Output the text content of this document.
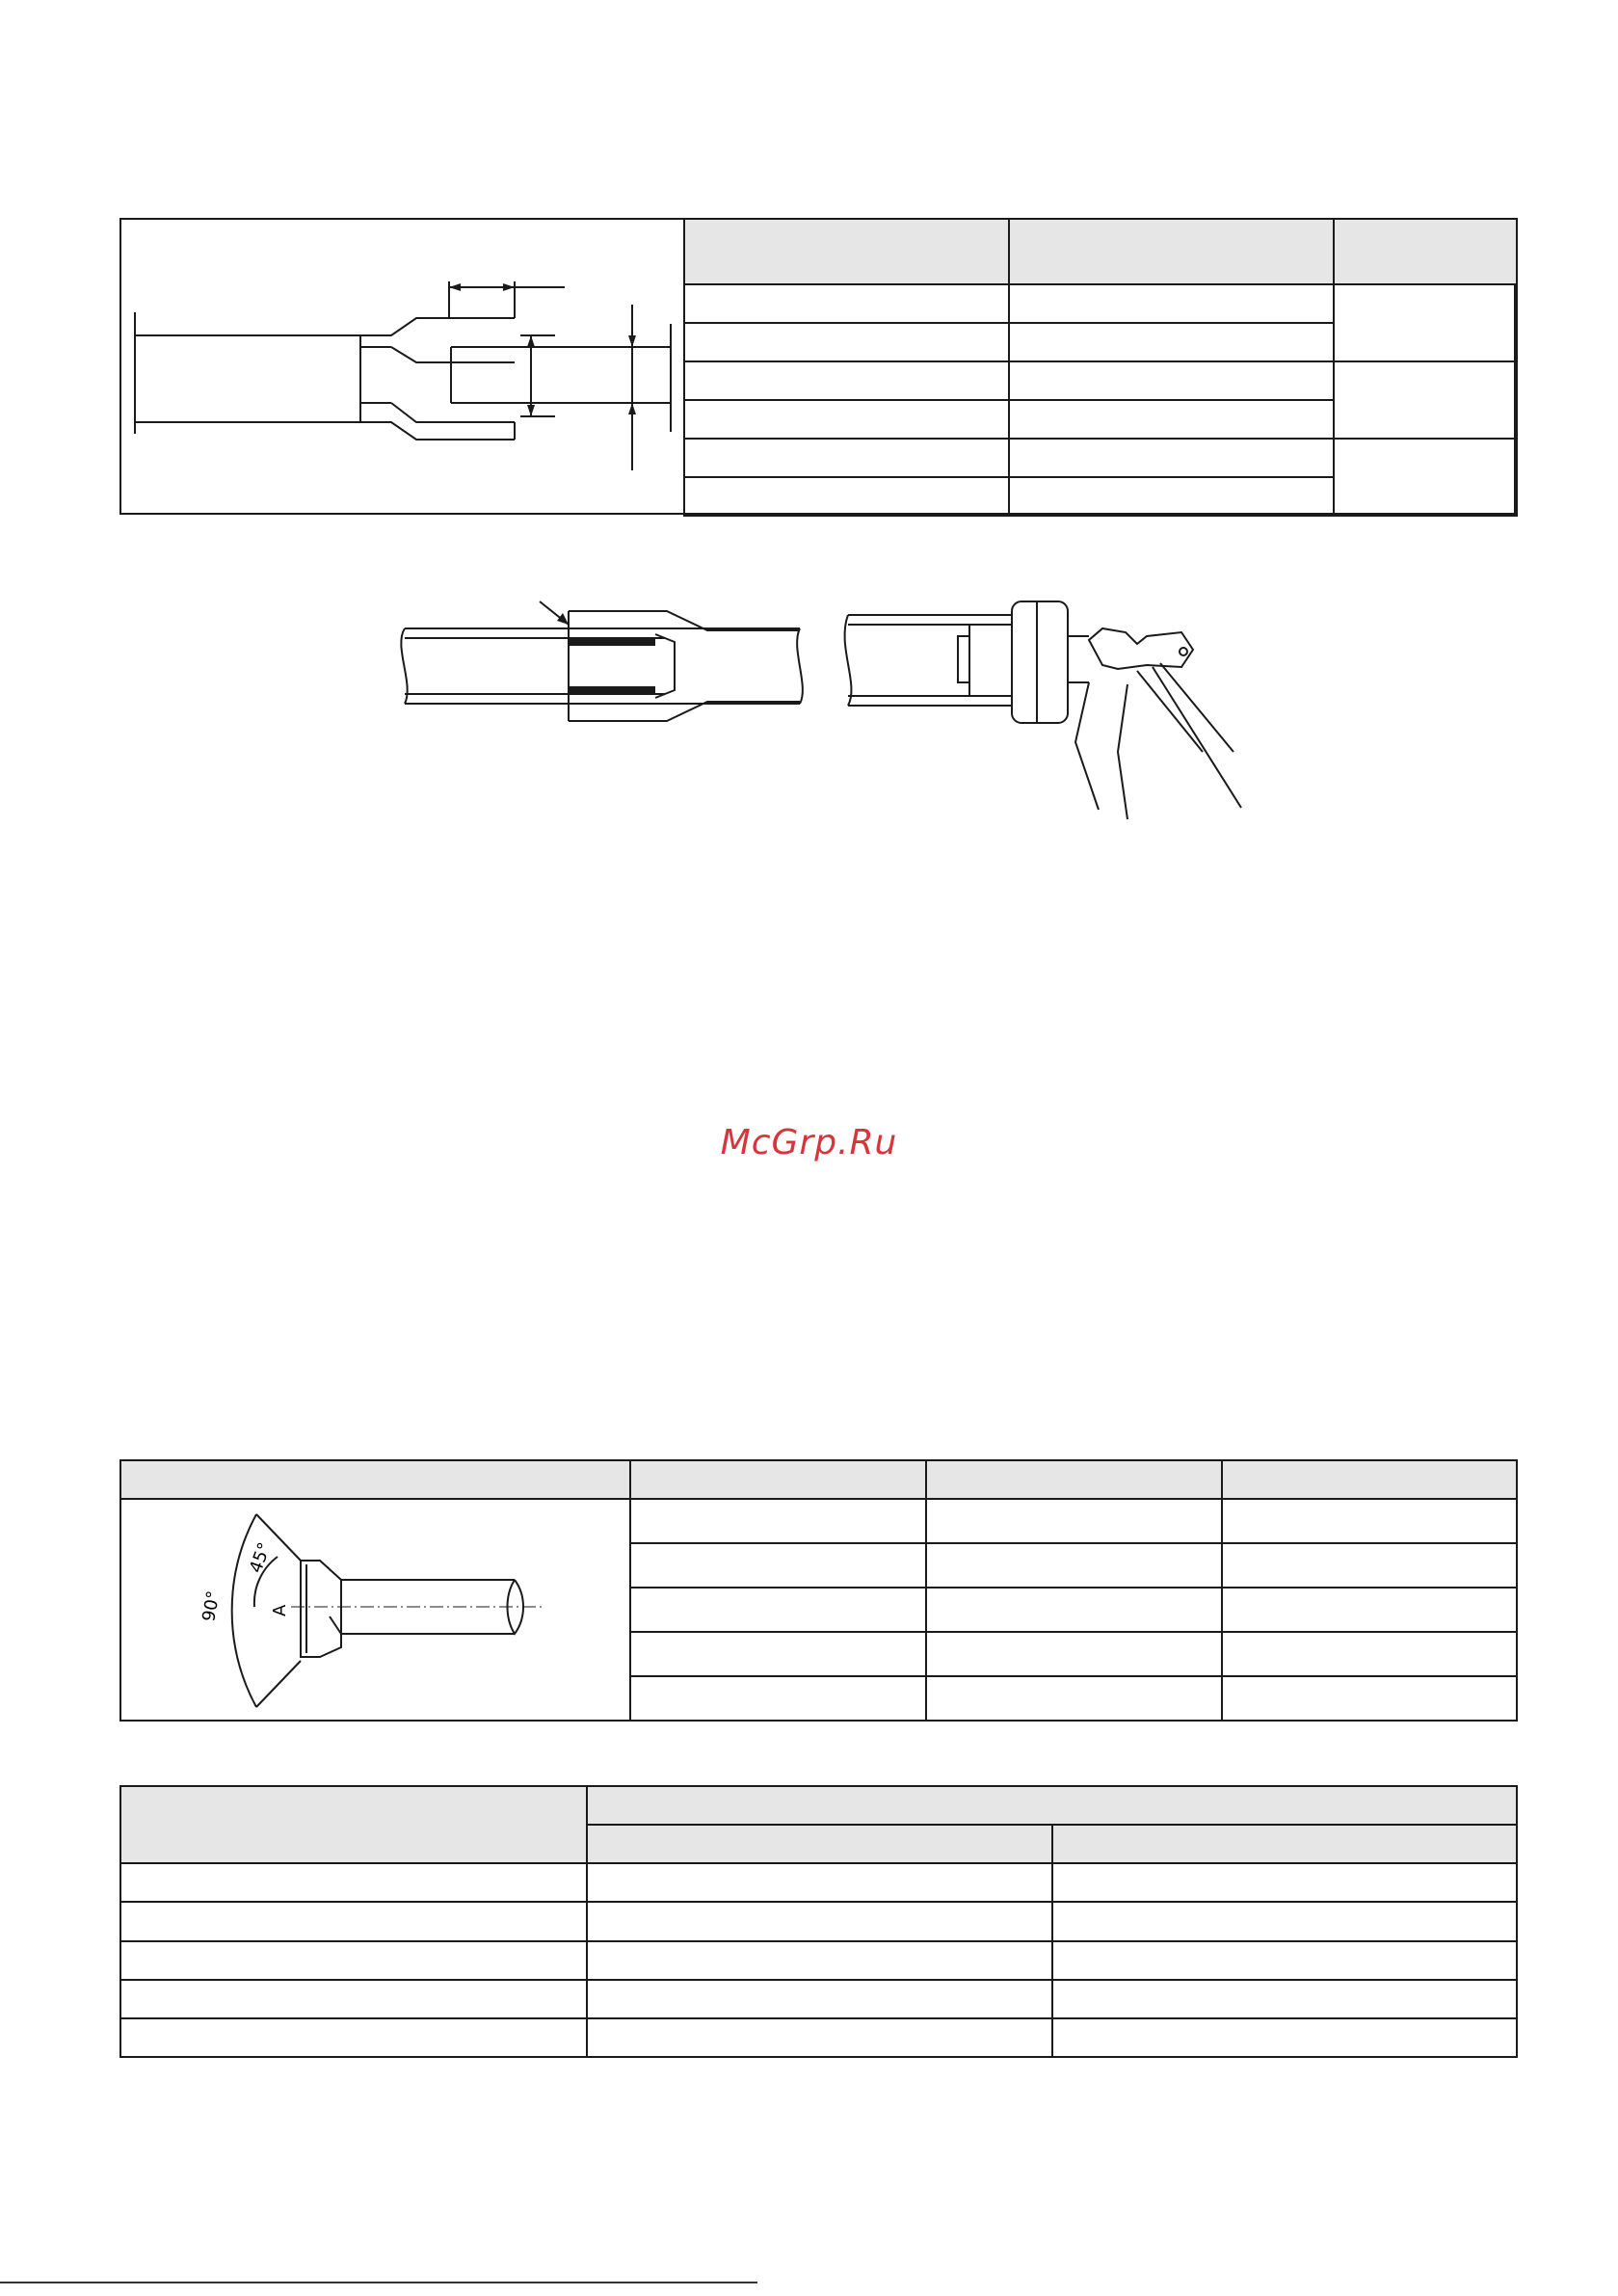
McGrp.Ru

90°
45°
A			
